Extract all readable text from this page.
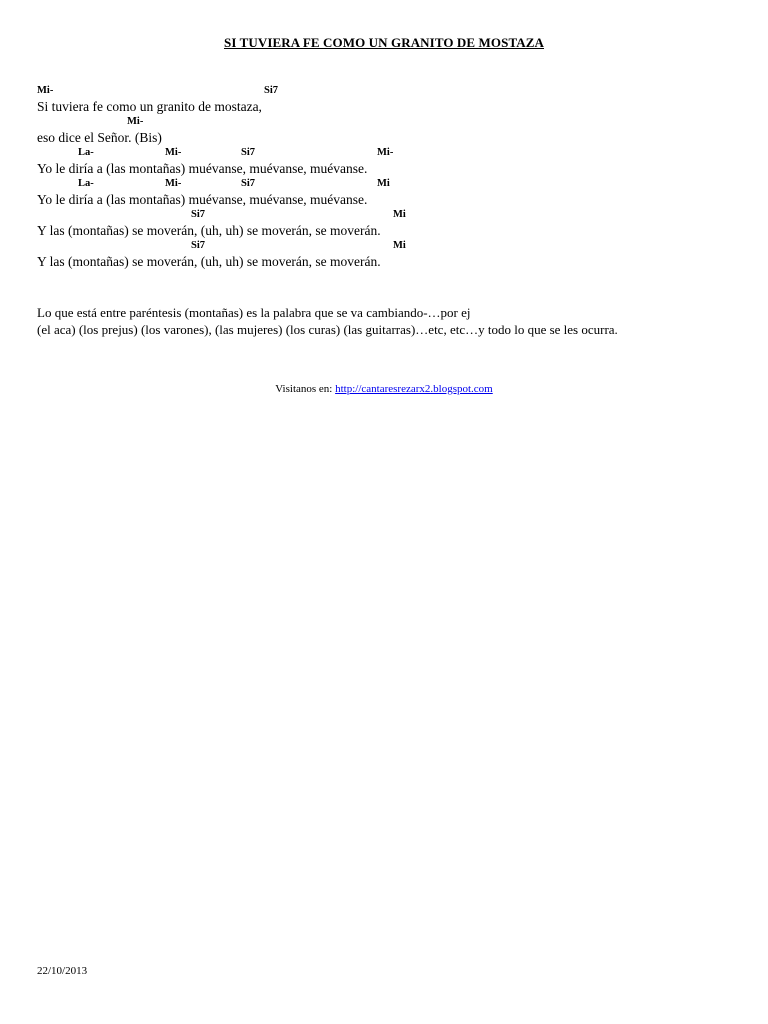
SI TUVIERA FE COMO UN GRANITO DE MOSTAZA
Mi-	Si7
Si tuviera fe como un granito de mostaza,
Mi-
eso dice el Señor. (Bis)
La-	Mi-	Si7	Mi-
Yo le diría a (las montañas) muévanse, muévanse, muévanse.
La-	Mi-	Si7	Mi
Yo le diría a (las montañas) muévanse, muévanse, muévanse.
Si7	Mi
Y las (montañas) se moverán, (uh, uh) se moverán, se moverán.
Si7	Mi
Y las (montañas) se moverán, (uh, uh) se moverán, se moverán.
Lo que está entre paréntesis (montañas) es la palabra que se va cambiando-…por ej
(el aca) (los prejus) (los varones), (las mujeres) (los curas) (las guitarras)…etc, etc…y todo lo que se les ocurra.
Visitanos en: http://cantaresrezarx2.blogspot.com
22/10/2013
